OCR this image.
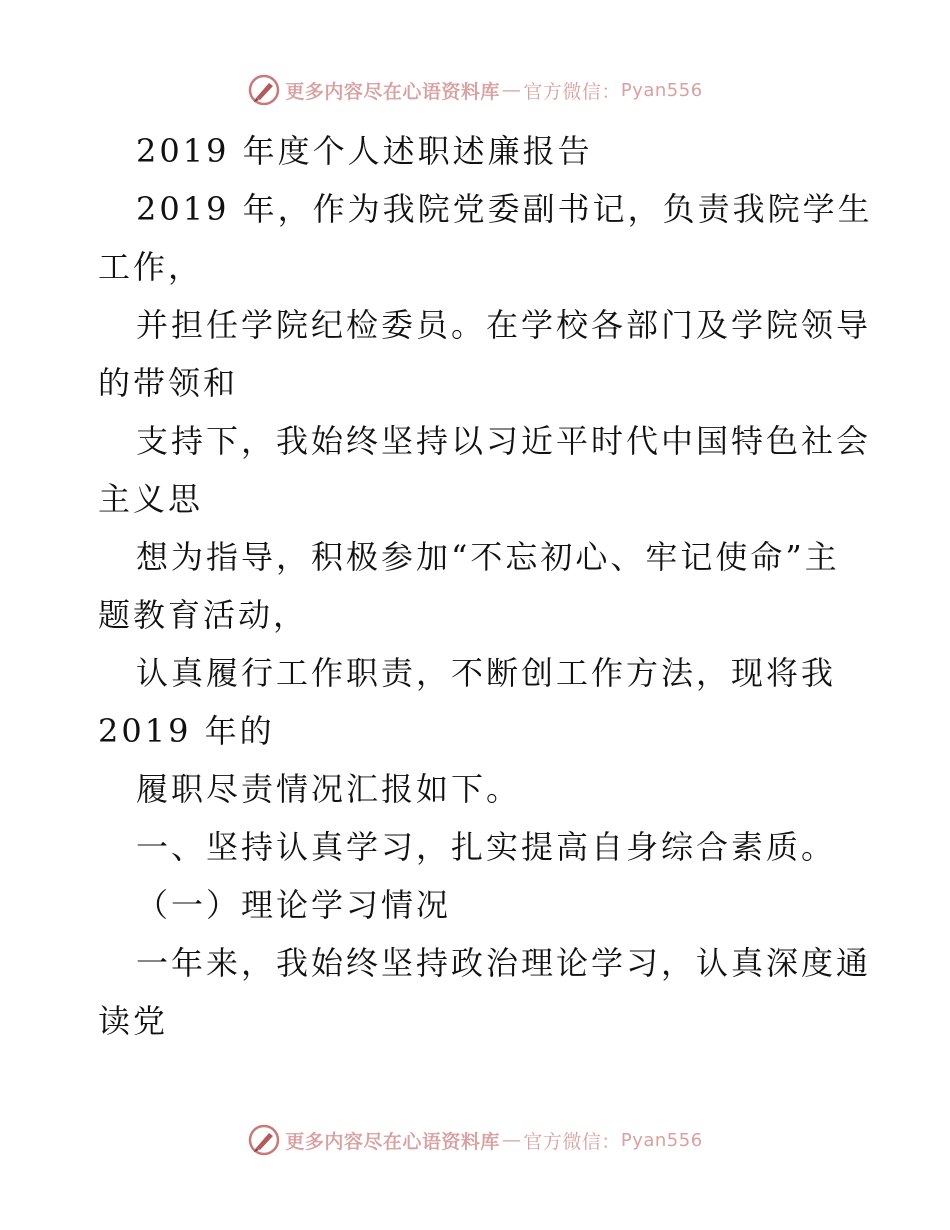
更多内容尽在心语资料库 — 官方微信： Pyan556
2019 年度个人述职述廉报告
2019 年，作为我院党委副书记，负责我院学生
工作，
并担任学院纪检委员。在学校各部门及学院领导
的带领和
支持下，我始终坚持以习近平时代中国特色社会
主义思
想为指导，积极参加“不忘初心、牢记使命”主
题教育活动，
认真履行工作职责，不断创工作方法，现将我
2019 年的
履职尽责情况汇报如下。
一、坚持认真学习，扎实提高自身综合素质。
（一）理论学习情况
一年来，我始终坚持政治理论学习，认真深度通
读党
更多内容尽在心语资料库 — 官方微信： Pyan556
